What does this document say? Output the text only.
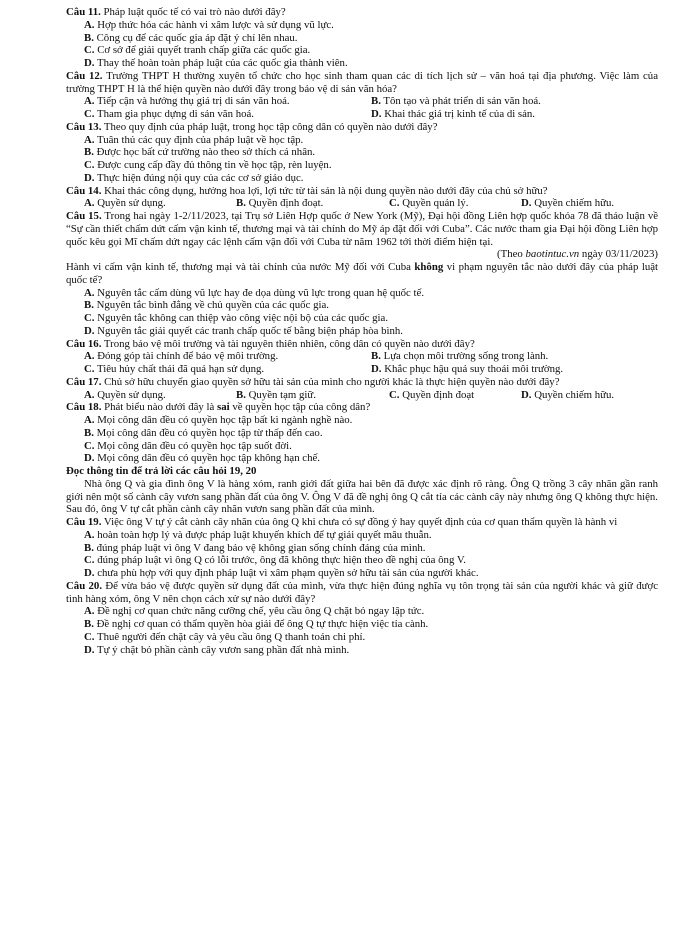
Câu 11. Pháp luật quốc tế có vai trò nào dưới đây?
A. Hợp thức hóa các hành vi xâm lược và sử dụng vũ lực.
B. Công cụ để các quốc gia áp đặt ý chí lên nhau.
C. Cơ sở để giải quyết tranh chấp giữa các quốc gia.
D. Thay thế hoàn toàn pháp luật của các quốc gia thành viên.
Câu 12. Trường THPT H thường xuyên tổ chức cho học sinh tham quan các di tích lịch sử – văn hoá tại địa phương. Việc làm của trường THPT H là thể hiện quyền nào dưới đây trong bảo vệ di sản văn hóa?
A. Tiếp cận và hưởng thụ giá trị di sản văn hoá.	B. Tôn tạo và phát triển di sản văn hoá.
C. Tham gia phục dựng di sản văn hoá.	D. Khai thác giá trị kinh tế của di sản.
Câu 13. Theo quy định của pháp luật, trong học tập công dân có quyền nào dưới đây?
A. Tuân thủ các quy định của pháp luật về học tập.
B. Được học bất cứ trường nào theo sở thích cá nhân.
C. Được cung cấp đầy đủ thông tin về học tập, rèn luyện.
D. Thực hiện đúng nội quy của các cơ sở giáo dục.
Câu 14. Khai thác công dụng, hưởng hoa lợi, lợi tức từ tài sản là nội dung quyền nào dưới đây của chủ sở hữu?
A. Quyền sử dụng.	B. Quyền định đoạt.	C. Quyền quản lý.	D. Quyền chiếm hữu.
Câu 15. Trong hai ngày 1-2/11/2023, tại Trụ sở Liên Hợp quốc ở New York (Mỹ), Đại hội đồng Liên hợp quốc khóa 78 đã thảo luận về “Sự cần thiết chấm dứt cấm vận kinh tế, thương mại và tài chính do Mỹ áp đặt đối với Cuba”. Các nước tham gia Đại hội đồng Liên hợp quốc kêu gọi Mĩ chấm dứt ngay các lệnh cấm vận đối với Cuba từ năm 1962 tới thời điểm hiện tại.
(Theo baotintuc.vn ngày 03/11/2023)
Hành vi cấm vận kinh tế, thương mại và tài chính của nước Mỹ đối với Cuba không vi phạm nguyên tắc nào dưới đây của pháp luật quốc tế?
A. Nguyên tắc cấm dùng vũ lực hay đe dọa dùng vũ lực trong quan hệ quốc tế.
B. Nguyên tắc bình đẳng về chủ quyền của các quốc gia.
C. Nguyên tắc không can thiệp vào công việc nội bộ của các quốc gia.
D. Nguyên tắc giải quyết các tranh chấp quốc tế bằng biện pháp hòa bình.
Câu 16. Trong bảo vệ môi trường và tài nguyên thiên nhiên, công dân có quyền nào dưới đây?
A. Đóng góp tài chính để bảo vệ môi trường.	B. Lựa chọn môi trường sống trong lành.
C. Tiêu hủy chất thải đã quá hạn sử dụng.	D. Khắc phục hậu quả suy thoái môi trường.
Câu 17. Chủ sở hữu chuyển giao quyền sở hữu tài sản của mình cho người khác là thực hiện quyền nào dưới đây?
A. Quyền sử dụng.	B. Quyền tạm giữ.	C. Quyền định đoạt	D. Quyền chiếm hữu.
Câu 18. Phát biểu nào dưới đây là sai về quyền học tập của công dân?
A. Mọi công dân đều có quyền học tập bất kì ngành nghề nào.
B. Mọi công dân đều có quyền học tập từ thấp đến cao.
C. Mọi công dân đều có quyền học tập suốt đời.
D. Mọi công dân đều có quyền học tập không hạn chế.
Đọc thông tin để trả lời các câu hỏi 19, 20
Nhà ông Q và gia đình ông V là hàng xóm, ranh giới đất giữa hai bên đã được xác định rõ ràng. Ông Q trồng 3 cây nhãn gần ranh giới nên một số cành cây vươn sang phần đất của ông V. Ông V đã đề nghị ông Q cắt tỉa các cành cây này nhưng ông Q không thực hiện. Sau đó, ông V tự cắt phần cành cây nhãn vươn sang phần đất của mình.
Câu 19. Việc ông V tự ý cắt cành cây nhãn của ông Q khi chưa có sự đồng ý hay quyết định của cơ quan thẩm quyền là hành vi
A. hoàn toàn hợp lý và được pháp luật khuyến khích để tự giải quyết mâu thuẫn.
B. đúng pháp luật vì ông V đang bảo vệ không gian sống chính đáng của mình.
C. đúng pháp luật vì ông Q có lỗi trước, ông đã không thực hiện theo đề nghị của ông V.
D. chưa phù hợp với quy định pháp luật vì xâm phạm quyền sở hữu tài sản của người khác.
Câu 20. Để vừa bảo vệ được quyền sử dụng đất của mình, vừa thực hiện đúng nghĩa vụ tôn trọng tài sản của người khác và giữ được tình hàng xóm, ông V nên chọn cách xử sự nào dưới đây?
A. Đề nghị cơ quan chức năng cưỡng chế, yêu cầu ông Q chặt bỏ ngay lập tức.
B. Đề nghị cơ quan có thẩm quyền hòa giải để ông Q tự thực hiện việc tỉa cành.
C. Thuê người đến chặt cây và yêu cầu ông Q thanh toán chi phí.
D. Tự ý chặt bỏ phần cành cây vươn sang phần đất nhà mình.
